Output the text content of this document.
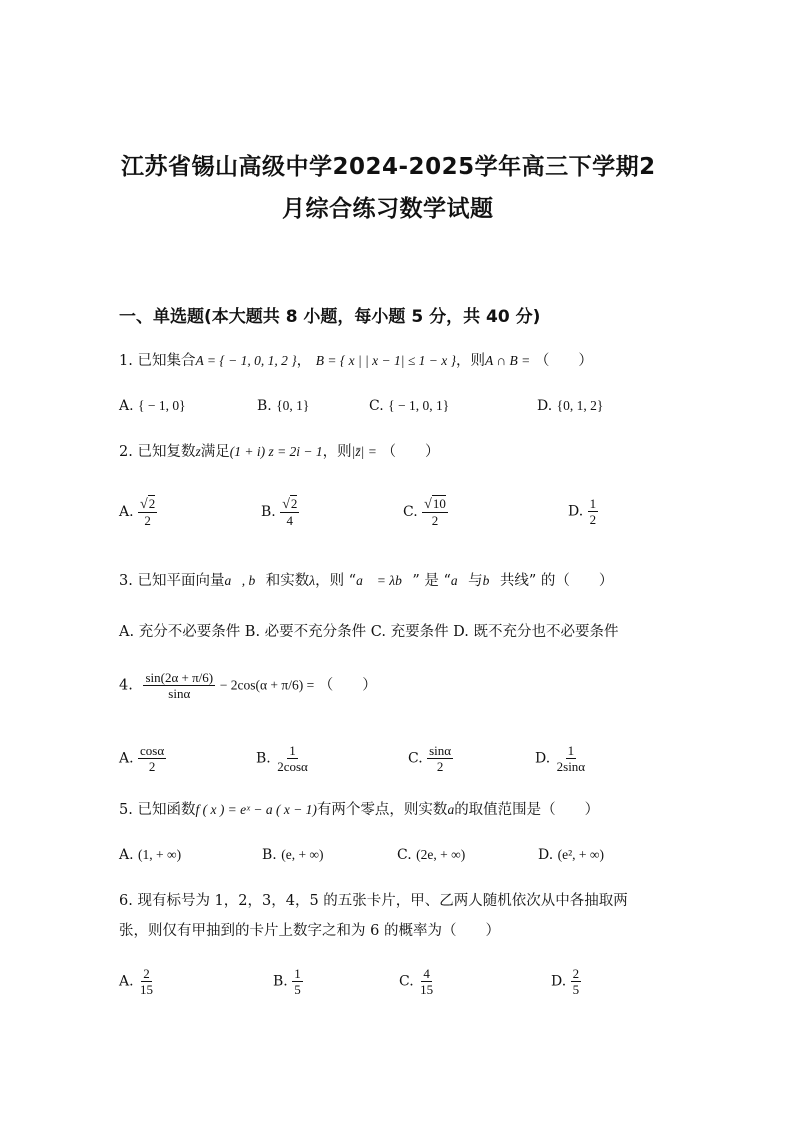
江苏省锡山高级中学2024-2025学年高三下学期2
月综合练习数学试题
一、单选题(本大题共 8 小题，每小题 5 分，共 40 分)
1. 已知集合A = { − 1, 0, 1, 2 }， B = { x | | x − 1| ≤ 1 − x }，则A ∩ B = （　　）
A. { − 1, 0}	B. {0, 1}	C. { − 1, 0, 1}	D. {0, 1, 2}
2. 已知复数z满足(1 + i) z = 2i − 1，则|z̄| = （　　）
A. $\frac{√2}{2}$	B. $\frac{√2}{4}$	C. $\frac{√10}{2}$	D. $\frac{1}{2}$
3. 已知平面向量a⃗, b⃗和实数λ，则 “a⃗ = λb⃗” 是 “a⃗与b⃗共线” 的（　　）
A. 充分不必要条件 B. 必要不充分条件 C. 充要条件 D. 既不充分也不必要条件
4. $\frac{\sin(2\alpha + \pi/6)}{\sin\alpha} - 2\cos(\alpha + \pi/6)$ = （　　）
A. $\frac{\cos\alpha}{2}$	B. $\frac{1}{2\cos\alpha}$	C. $\frac{\sin\alpha}{2}$	D. $\frac{1}{2\sin\alpha}$
5. 已知函数f ( x ) = eˣ − a ( x − 1)有两个零点，则实数a的取值范围是（　　）
A. (1, + ∞)	B. (e, + ∞)	C. (2e, + ∞)	D. (e², + ∞)
6. 现有标号为 1，2，3，4，5 的五张卡片，甲、乙两人随机依次从中各抽取两
张，则仅有甲抽到的卡片上数字之和为 6 的概率为（　　）
A. $\frac{2}{15}$	B. $\frac{1}{5}$	C. $\frac{4}{15}$	D. $\frac{2}{5}$
